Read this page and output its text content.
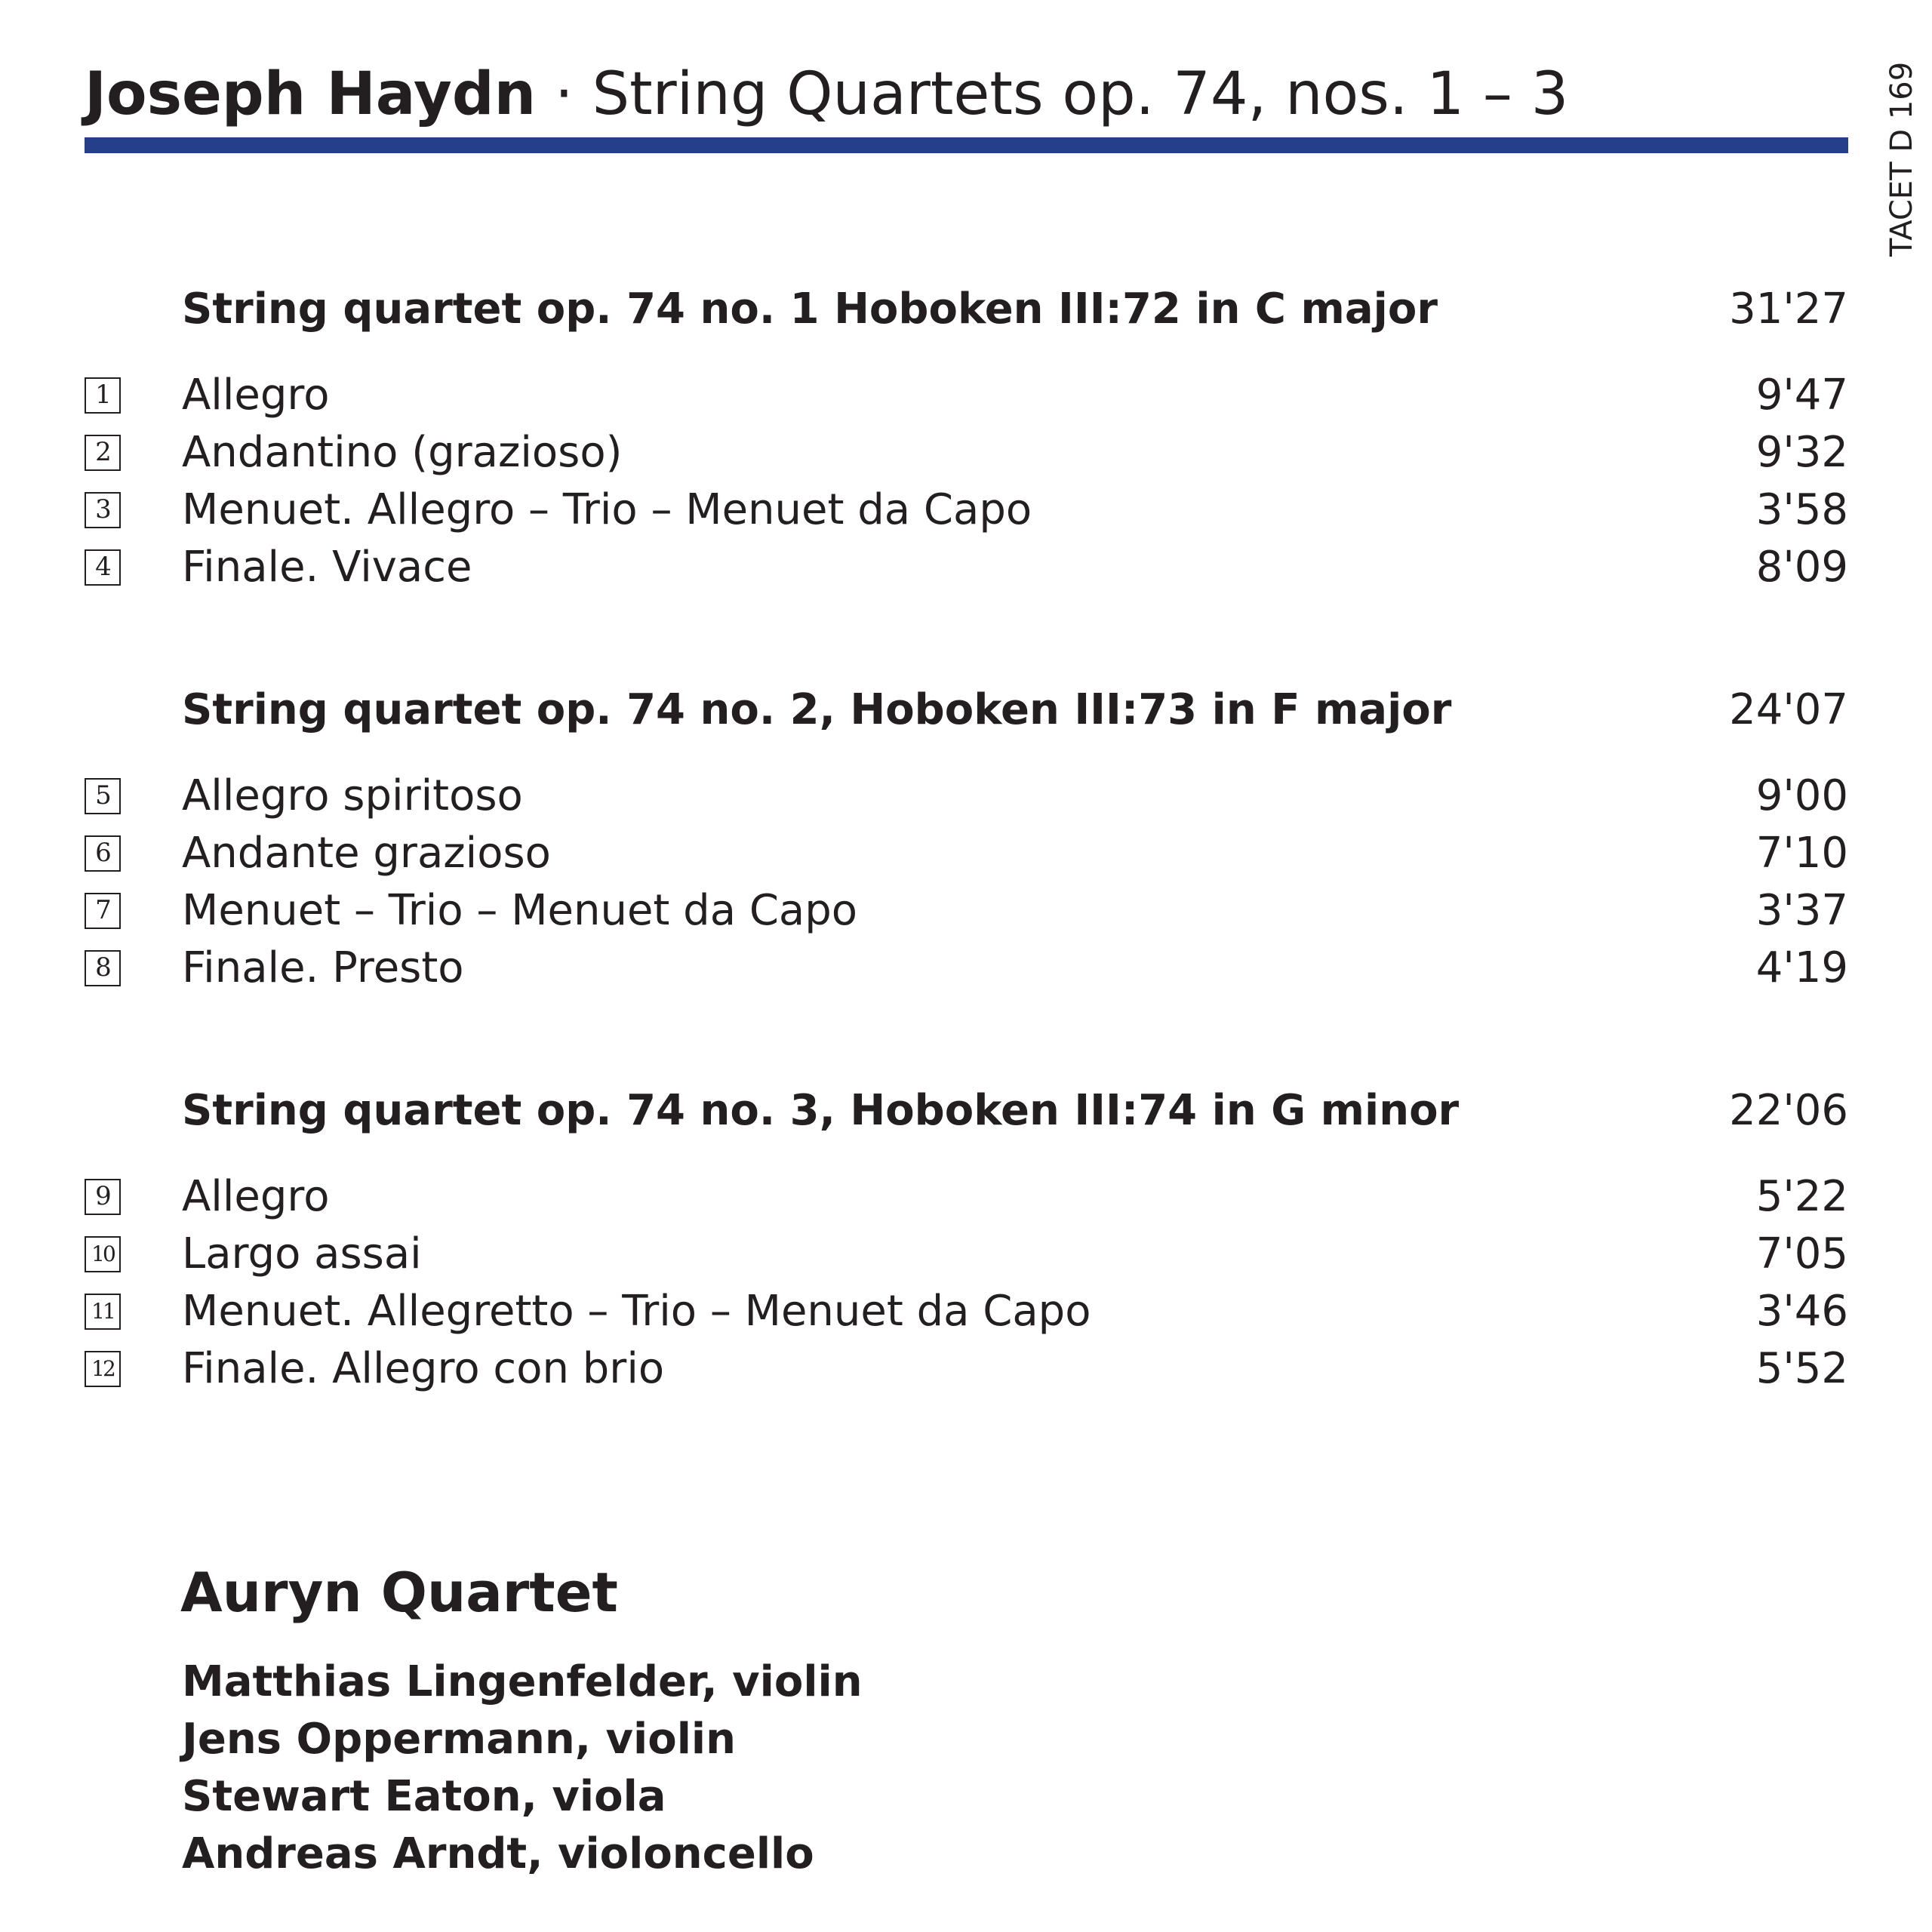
Joseph Haydn · String Quartets op. 74, nos. 1 – 3	TACET D 169
String quartet op. 74 no. 1 Hoboken III:72 in C major	31'27
1 Allegro	9'47
2 Andantino (grazioso)	9'32
3 Menuet. Allegro – Trio – Menuet da Capo	3'58
4 Finale. Vivace	8'09
String quartet op. 74 no. 2, Hoboken III:73 in F major	24'07
5 Allegro spiritoso	9'00
6 Andante grazioso	7'10
7 Menuet – Trio – Menuet da Capo	3'37
8 Finale. Presto	4'19
String quartet op. 74 no. 3, Hoboken III:74 in G minor	22'06
9 Allegro	5'22
10 Largo assai	7'05
11 Menuet. Allegretto – Trio – Menuet da Capo	3'46
12 Finale. Allegro con brio	5'52
Auryn Quartet
Matthias Lingenfelder, violin
Jens Oppermann, violin
Stewart Eaton, viola
Andreas Arndt, violoncello
